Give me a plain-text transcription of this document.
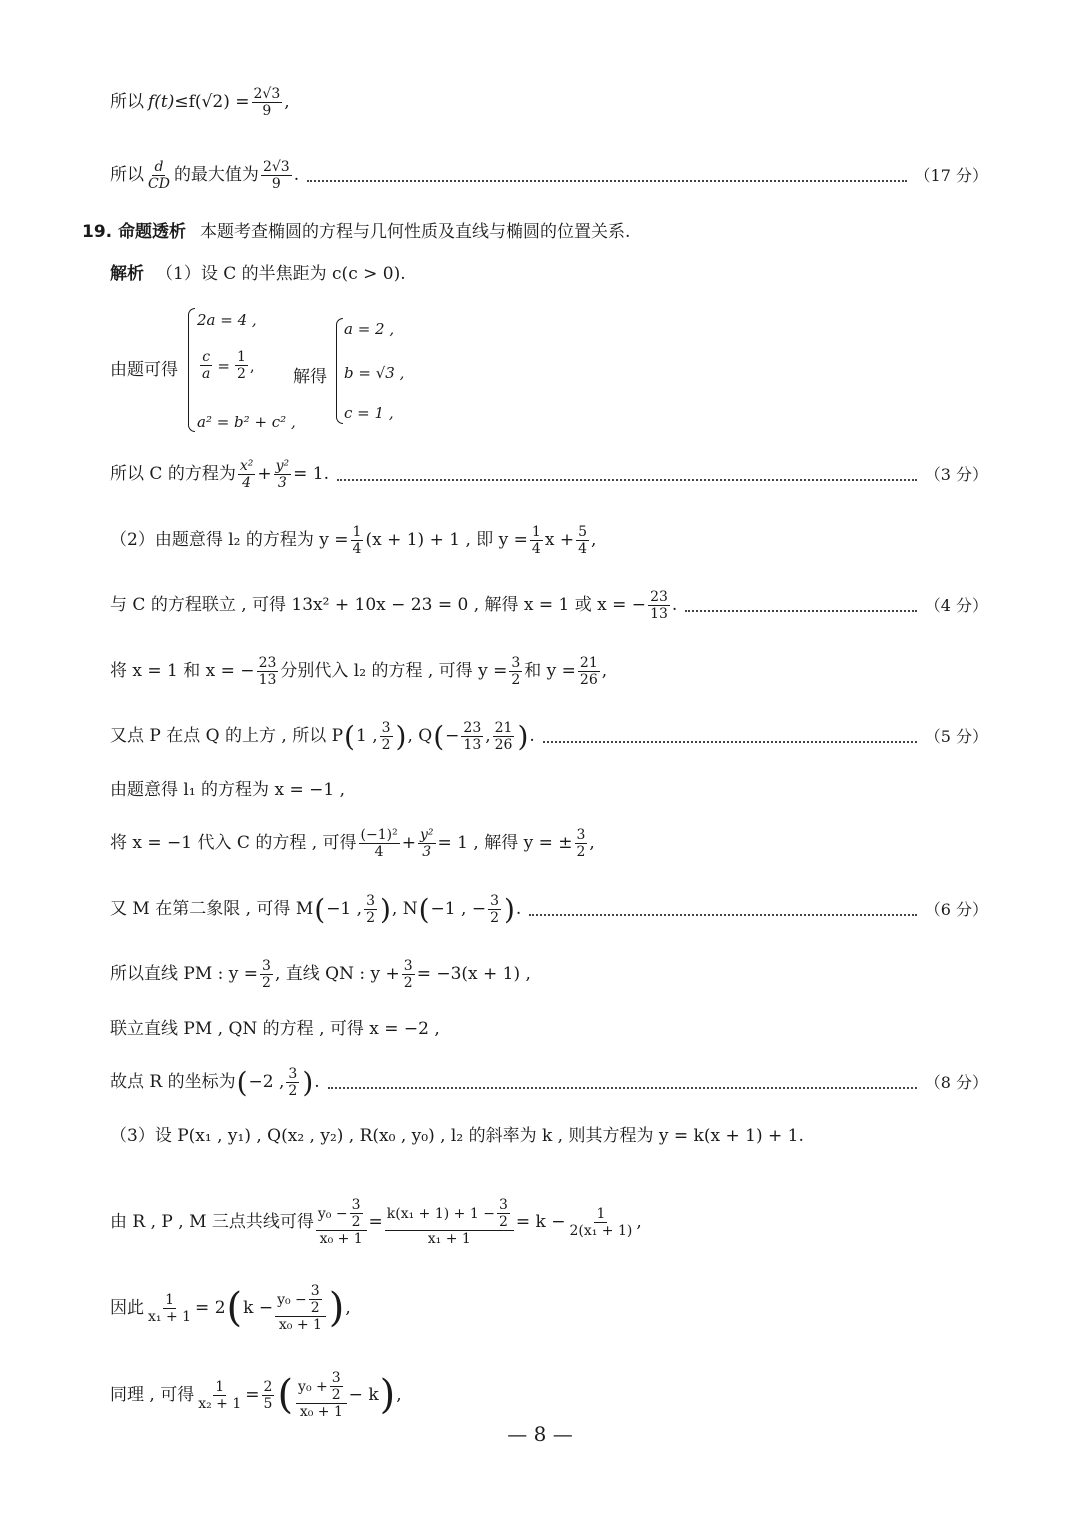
所以 $f(t) \le f(√2) = \frac{2√3}{9}$ ,
所以 d
CD 的最大值为 2√3
9 .	（17 分）
19. 命题透析 本题考查椭圆的方程与几何性质及直线与椭圆的位置关系.
解析 （1）设 C 的半焦距为 c(c > 0).
由题可得
2a = 4 ,
$\frac{c}{a} = \frac{1}{2}$ ,
a² = b² + c² ,
解得
a = 2 ,
b = √3 ,
c = 1 ,
所以 C 的方程为 x²
$4 + \frac{\text{y²}}{3} = 1$.	（3 分）
（2）由题意得 l₂ 的方程为 $y = \frac{1}{4} (x + 1) + 1$ , 即 $y = \frac{1}{4}$ $x + \frac{5}{4}$ ,
与 C 的方程联立 , 可得 13x² + 10x − 23 = 0 , 解得 x = 1 或 x = − $\frac{23}{13}$ .	（4 分）
将 x = 1 和 x = − $\frac{23}{13}$ 分别代入 l₂ 的方程 , 可得 $y = \frac{3}{2}$ 和 $y = \frac{21}{26}$ ,
又点 P 在点 Q 的上方 , 所以 P ( 1 , 3
2 ) , Q ( − $\frac{23}{13}$ , 21
26 ) .	（5 分）
由题意得 l₁ 的方程为 x = −1 ,
将 x = −1 代入 C 的方程 , 可得 (−1)²
$4 + \frac{\text{y²}}{3} = 1$ , 解得 y = ± $\frac{3}{2}$ ,
又 M 在第二象限 , 可得 M ( −1 , 3
2 ) , N ( −1 , − $\frac{3}{2}$ ) .	（6 分）
所以直线 PM : $y = \frac{3}{2}$ , 直线 QN : $y + \frac{3}{2} = -3(x + 1)$ ,
联立直线 PM , QN 的方程 , 可得 x = −2 ,
故点 R 的坐标为 ( −2 , 3
2 ) .	（8 分）
（3）设 P(x₁ , y₁) , Q(x₂ , y₂) , R(x₀ , y₀) , l₂ 的斜率为 k , 则其方程为 y = k(x + 1) + 1.
由 R , P , M 三点共线可得 $\frac{y_0 - \frac{3}{2}}{\text{x₀ + 1}} = \frac{k(x_1 + 1) + 1 - \frac{3}{2}}{\text{x₁ + 1}} = k - \frac{1}{\text{2(x₁ + 1)}}$ ,
因此 $\frac{1}{\text{x₁ + 1}} = 2$ ( $k - \frac{y_0 - \frac{3}{2}}{\text{x₀ + 1}}$ ) ,
同理 , 可得 $\frac{1}{\text{x₂ + 1}} = \frac{2}{5}$ ( $y_0 + \frac{3}{2}$
x₀ + 1
− k ) ,
— 8 —
